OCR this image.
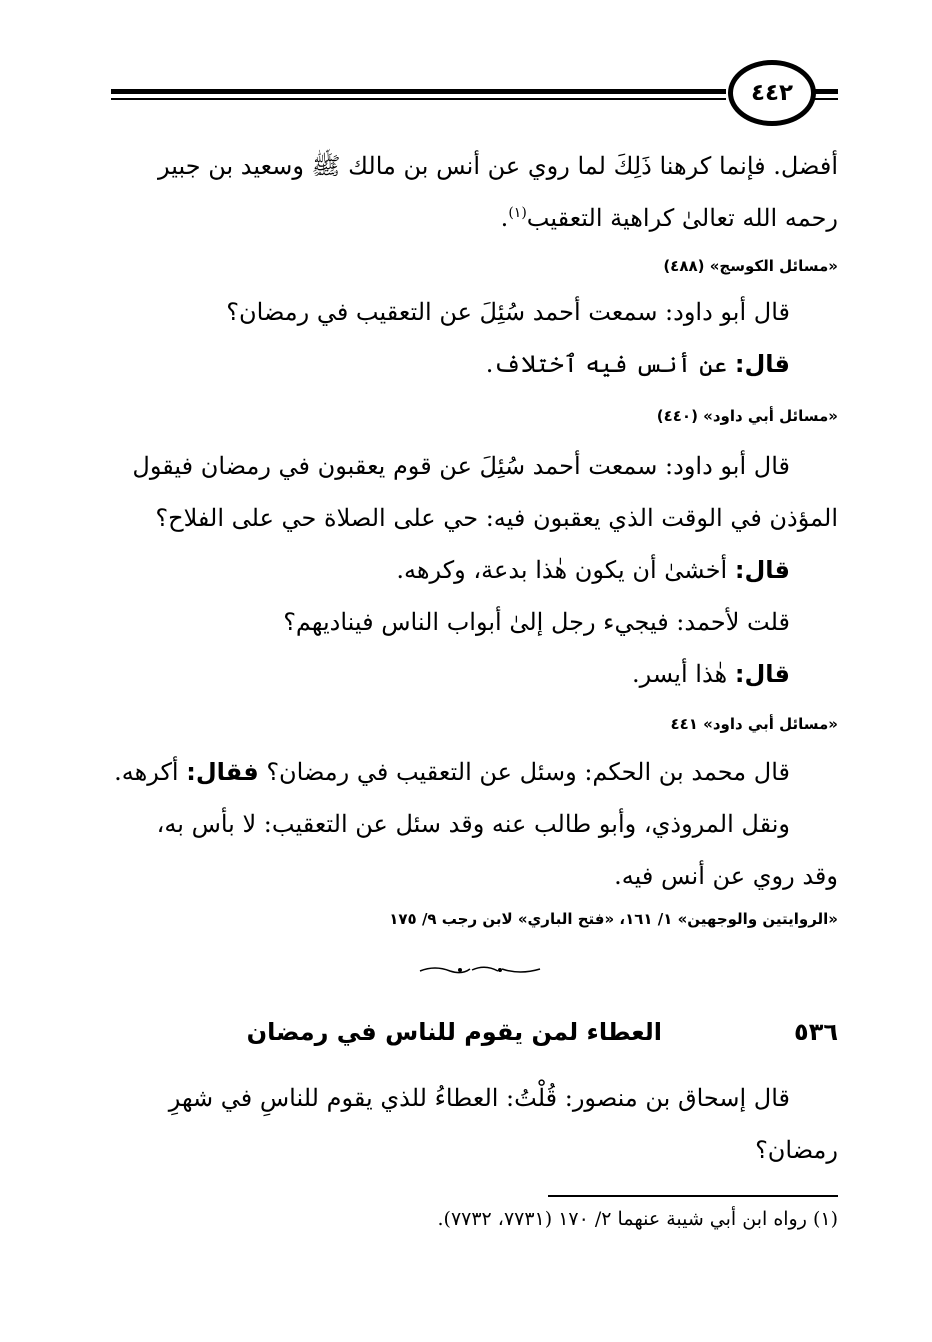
٤٤٢
أفضل. فإنما كرهنا ذَلِكَ لما روي عن أنس بن مالك ﷺ وسعيد بن جبير
رحمه الله تعالىٰ كراهية التعقيب$^{(١)}$.
«مسائل الكوسج» (٤٨٨)
قال أبو داود: سمعت أحمد سُئِلَ عن التعقيب في رمضان؟
قال: عن أنس فيه ٱختلاف.
«مسائل أبي داود» (٤٤٠)
قال أبو داود: سمعت أحمد سُئِلَ عن قوم يعقبون في رمضان فيقول
المؤذن في الوقت الذي يعقبون فيه: حي على الصلاة حي على الفلاح؟
قال: أخشىٰ أن يكون هٰذا بدعة، وكرهه.
قلت لأحمد: فيجيء رجل إلىٰ أبواب الناس فيناديهم؟
قال: هٰذا أيسر.
«مسائل أبي داود» ٤٤١
قال محمد بن الحكم: وسئل عن التعقيب في رمضان؟ فقال: أكرهه.
ونقل المروذي، وأبو طالب عنه وقد سئل عن التعقيب: لا بأس به،
وقد روي عن أنس فيه.
«الروايتين والوجهين» ١/ ١٦١، «فتح الباري» لابن رجب ٩/ ١٧٥
٥٣٦
العطاء لمن يقوم للناس في رمضان
قال إسحاق بن منصور: قُلْتُ: العطاءُ للذي يقوم للناسِ في شهرِ
رمضان؟
(١) رواه ابن أبي شيبة عنهما ٢/ ١٧٠ (٧٧٣١، ٧٧٣٢).
